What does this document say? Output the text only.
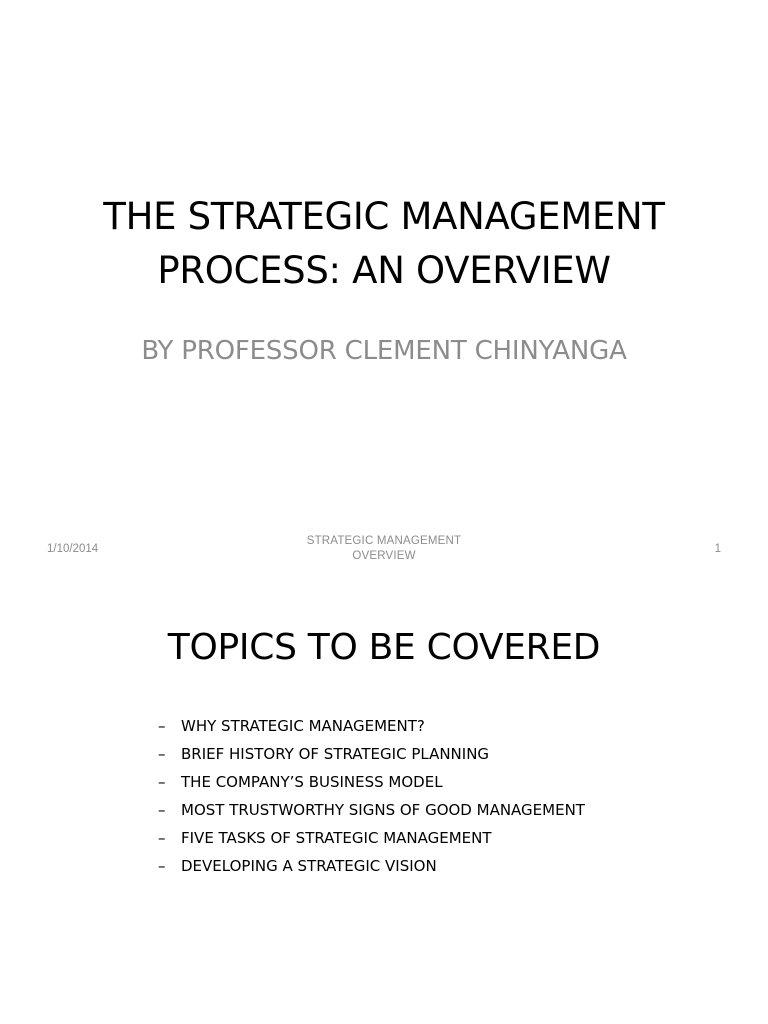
THE STRATEGIC MANAGEMENT
PROCESS: AN OVERVIEW

BY PROFESSOR CLEMENT CHINYANGA

1/10/2014
STRATEGIC MANAGEMENT
OVERVIEW
1
TOPICS TO BE COVERED
–	WHY STRATEGIC MANAGEMENT?
–	BRIEF HISTORY OF STRATEGIC PLANNING
–	THE COMPANY’S BUSINESS MODEL
–	MOST TRUSTWORTHY SIGNS OF GOOD MANAGEMENT
–	FIVE TASKS OF STRATEGIC MANAGEMENT
–	DEVELOPING A STRATEGIC VISION
